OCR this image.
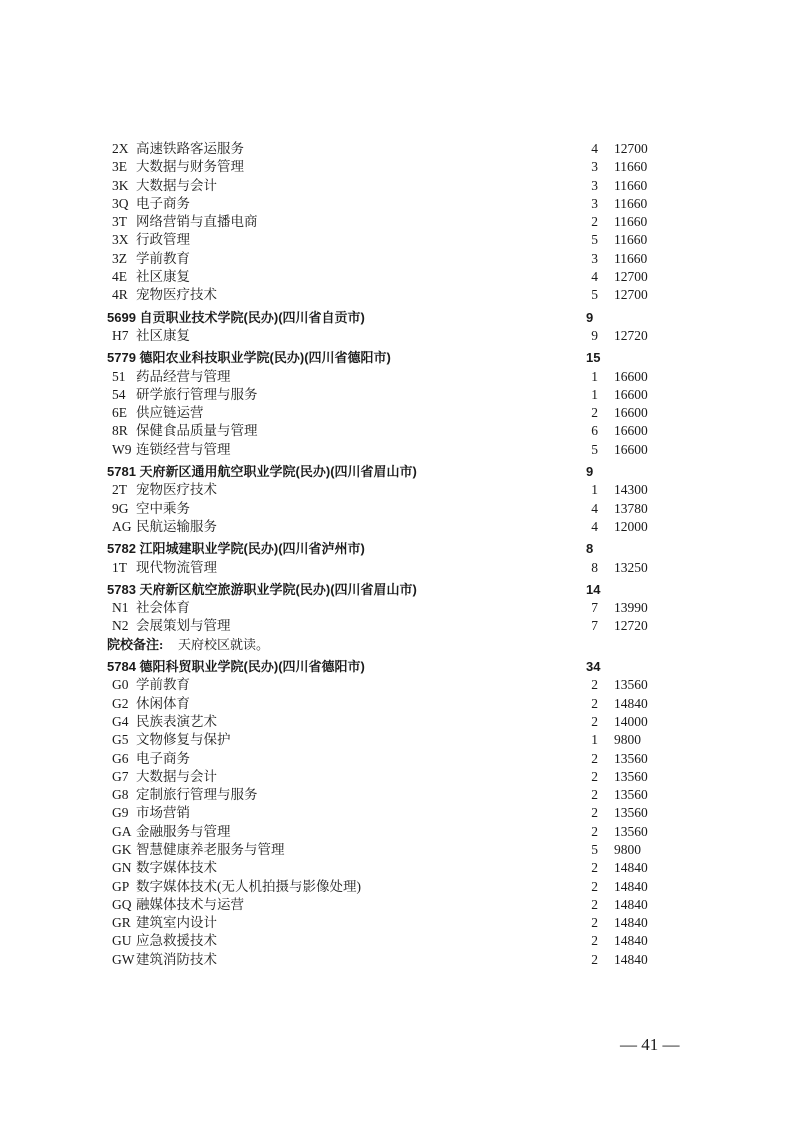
2X 高速铁路客运服务	4 12700
3E 大数据与财务管理	3 11660
3K 大数据与会计	3 11660
3Q 电子商务	3 11660
3T 网络营销与直播电商	2 11660
3X 行政管理	5 11660
3Z 学前教育	3 11660
4E 社区康复	4 12700
4R 宠物医疗技术	5 12700
5699 自贡职业技术学院(民办)(四川省自贡市)	9
H7 社区康复	9 12720
5779 德阳农业科技职业学院(民办)(四川省德阳市)	15
51 药品经营与管理	1 16600
54 研学旅行管理与服务	1 16600
6E 供应链运营	2 16600
8R 保健食品质量与管理	6 16600
W9 连锁经营与管理	5 16600
5781 天府新区通用航空职业学院(民办)(四川省眉山市)	9
2T 宠物医疗技术	1 14300
9G 空中乘务	4 13780
AG 民航运输服务	4 12000
5782 江阳城建职业学院(民办)(四川省泸州市)	8
1T 现代物流管理	8 13250
5783 天府新区航空旅游职业学院(民办)(四川省眉山市)	14
N1 社会体育	7 13990
N2 会展策划与管理	7 12720
院校备注: 天府校区就读。
5784 德阳科贸职业学院(民办)(四川省德阳市)	34
G0 学前教育	2 13560
G2 休闲体育	2 14840
G4 民族表演艺术	2 14000
G5 文物修复与保护	1 9800
G6 电子商务	2 13560
G7 大数据与会计	2 13560
G8 定制旅行管理与服务	2 13560
G9 市场营销	2 13560
GA 金融服务与管理	2 13560
GK 智慧健康养老服务与管理	5 9800
GN 数字媒体技术	2 14840
GP 数字媒体技术(无人机拍摄与影像处理)	2 14840
GQ 融媒体技术与运营	2 14840
GR 建筑室内设计	2 14840
GU 应急救援技术	2 14840
GW 建筑消防技术	2 14840
— 41 —
